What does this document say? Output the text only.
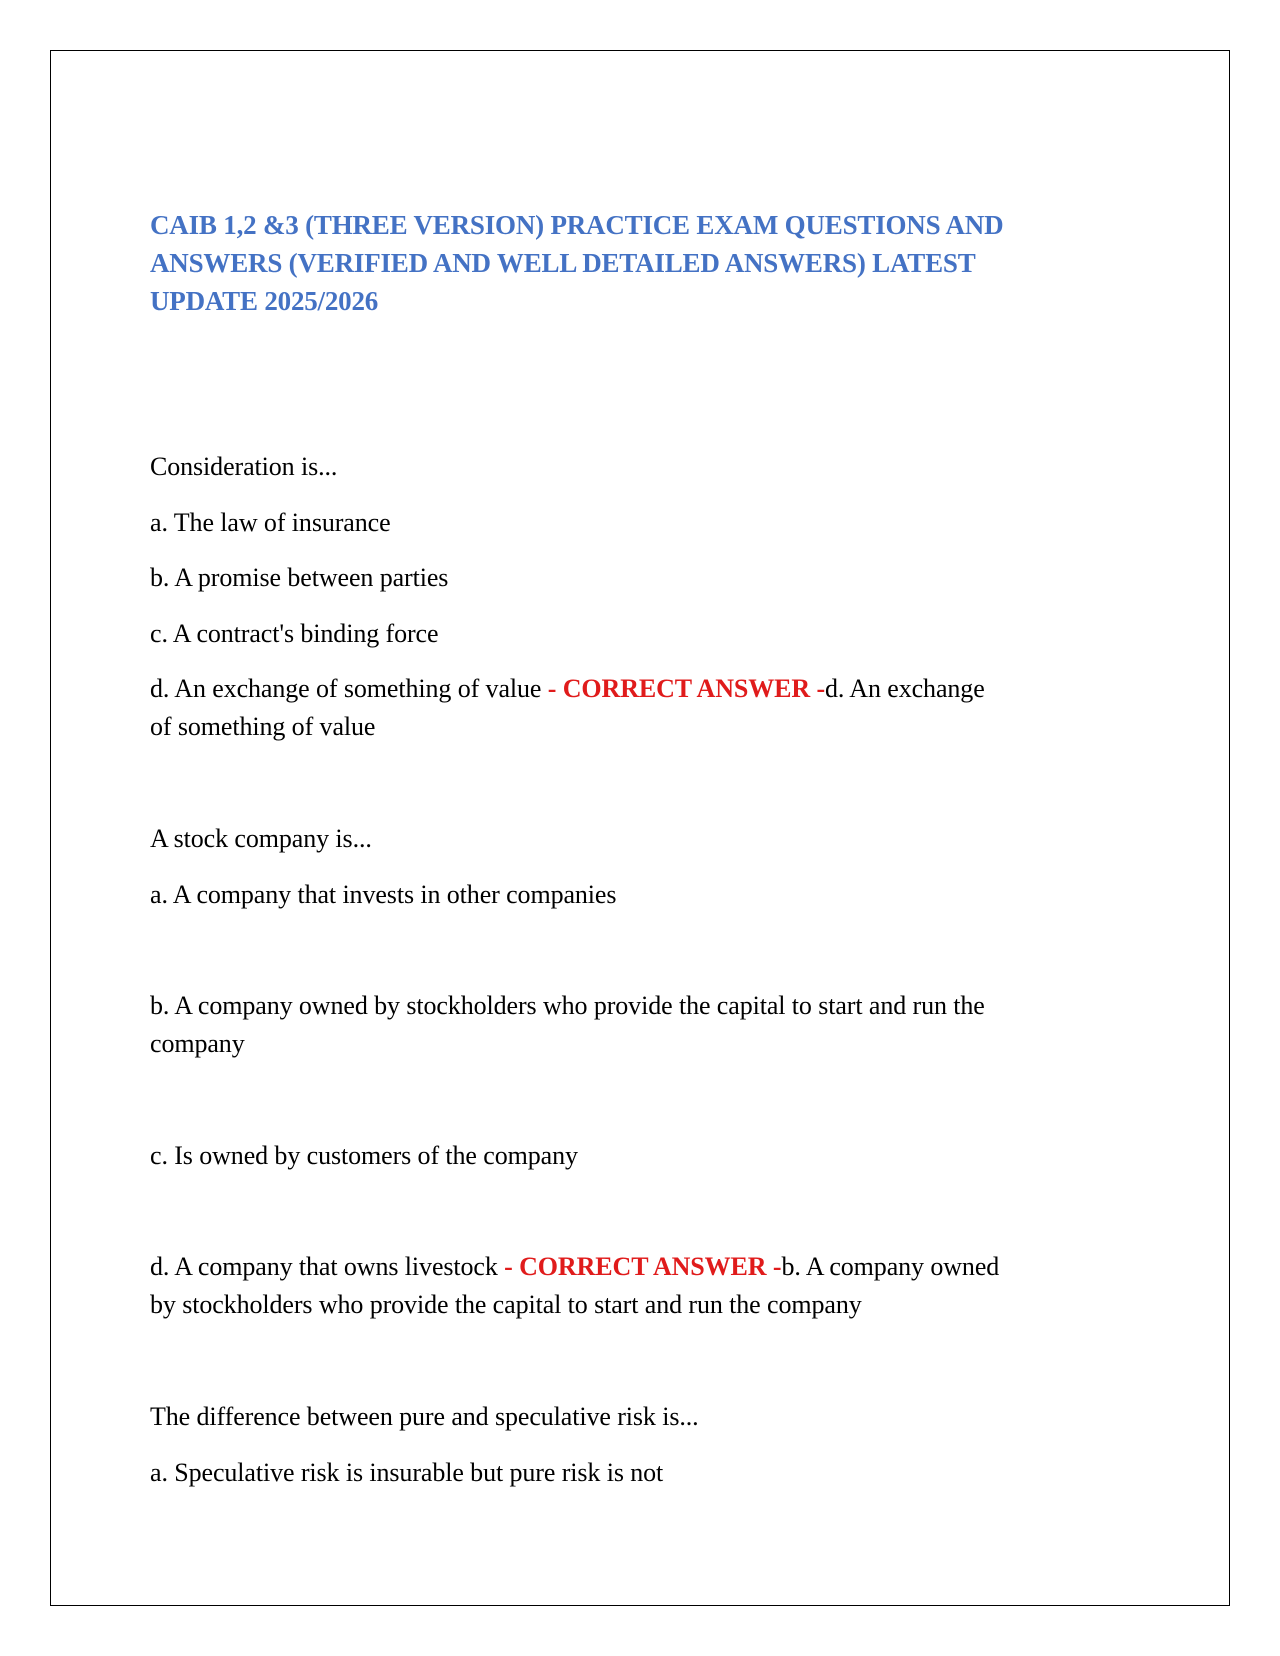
CAIB 1,2 &3 (THREE VERSION) PRACTICE EXAM QUESTIONS AND
ANSWERS (VERIFIED AND WELL DETAILED ANSWERS) LATEST
UPDATE 2025/2026

Consideration is...

a. The law of insurance

b. A promise between parties

c. A contract's binding force

d. An exchange of something of value - CORRECT ANSWER -d. An exchange
of something of value

A stock company is...

a. A company that invests in other companies

b. A company owned by stockholders who provide the capital to start and run the

company

c. Is owned by customers of the company

d. A company that owns livestock - CORRECT ANSWER -b. A company owned
by stockholders who provide the capital to start and run the company

The difference between pure and speculative risk is...

a. Speculative risk is insurable but pure risk is not
